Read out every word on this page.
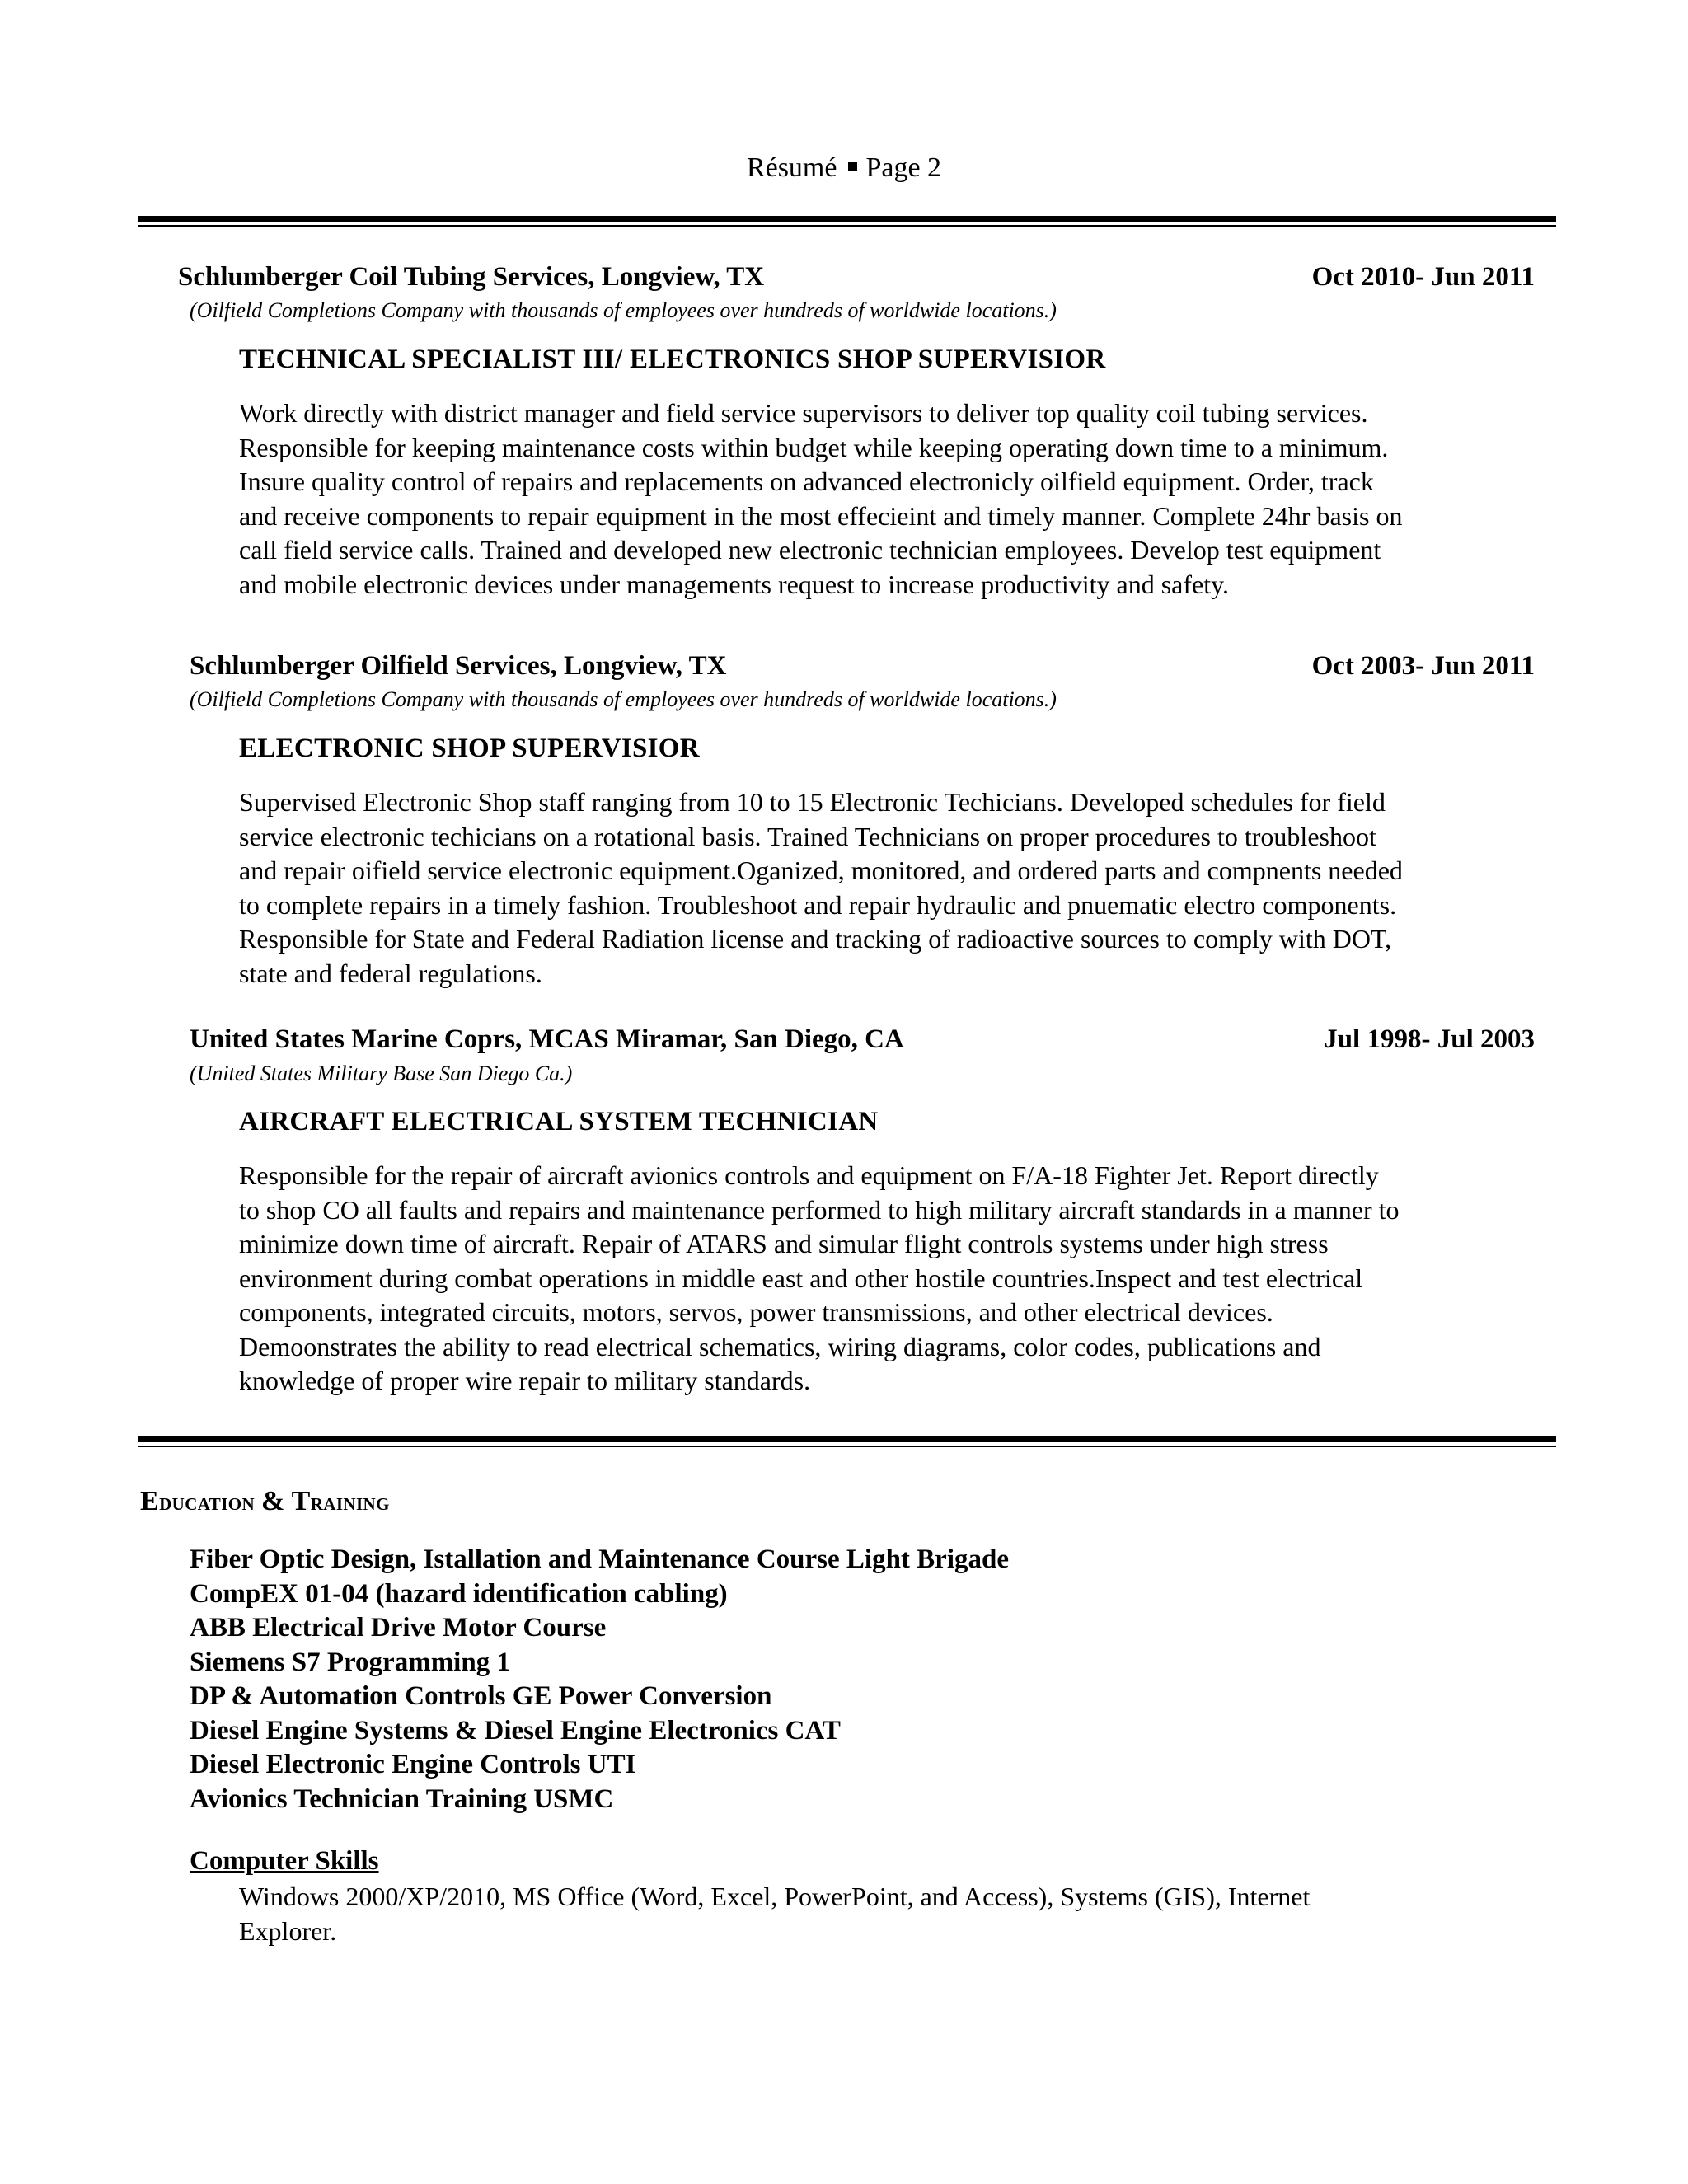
Résumé Page 2
Schlumberger Coil Tubing Services, Longview, TX	Oct 2010- Jun 2011
(Oilfield Completions Company with thousands of employees over hundreds of worldwide locations.)
TECHNICAL SPECIALIST III/ ELECTRONICS SHOP SUPERVISIOR
Work directly with district manager and field service supervisors to deliver top quality coil tubing services.
Responsible for keeping maintenance costs within budget while keeping operating down time to a minimum.
Insure quality control of repairs and replacements on advanced electronicly oilfield equipment. Order, track
and receive components to repair equipment in the most effecieint and timely manner. Complete 24hr basis on
call field service calls. Trained and developed new electronic technician employees. Develop test equipment
and mobile electronic devices under managements request to increase productivity and safety.
Schlumberger Oilfield Services, Longview, TX	Oct 2003- Jun 2011
(Oilfield Completions Company with thousands of employees over hundreds of worldwide locations.)
ELECTRONIC SHOP SUPERVISIOR
Supervised Electronic Shop staff ranging from 10 to 15 Electronic Techicians. Developed schedules for field
service electronic techicians on a rotational basis. Trained Technicians on proper procedures to troubleshoot
and repair oifield service electronic equipment.Oganized, monitored, and ordered parts and compnents needed
to complete repairs in a timely fashion. Troubleshoot and repair hydraulic and pnuematic electro components.
Responsible for State and Federal Radiation license and tracking of radioactive sources to comply with DOT,
state and federal regulations.
United States Marine Coprs, MCAS Miramar, San Diego, CA	Jul 1998- Jul 2003
(United States Military Base San Diego Ca.)
AIRCRAFT ELECTRICAL SYSTEM TECHNICIAN
Responsible for the repair of aircraft avionics controls and equipment on F/A-18 Fighter Jet. Report directly
to shop CO all faults and repairs and maintenance performed to high military aircraft standards in a manner to
minimize down time of aircraft. Repair of ATARS and simular flight controls systems under high stress
environment during combat operations in middle east and other hostile countries.Inspect and test electrical
components, integrated circuits, motors, servos, power transmissions, and other electrical devices.
Demoonstrates the ability to read electrical schematics, wiring diagrams, color codes, publications and
knowledge of proper wire repair to military standards.
Education & Training
Fiber Optic Design, Istallation and Maintenance Course Light Brigade
CompEX 01-04 (hazard identification cabling)
ABB Electrical Drive Motor Course
Siemens S7 Programming 1
DP & Automation Controls GE Power Conversion
Diesel Engine Systems & Diesel Engine Electronics CAT
Diesel Electronic Engine Controls UTI
Avionics Technician Training USMC
Computer Skills
Windows 2000/XP/2010, MS Office (Word, Excel, PowerPoint, and Access), Systems (GIS), Internet
Explorer.
